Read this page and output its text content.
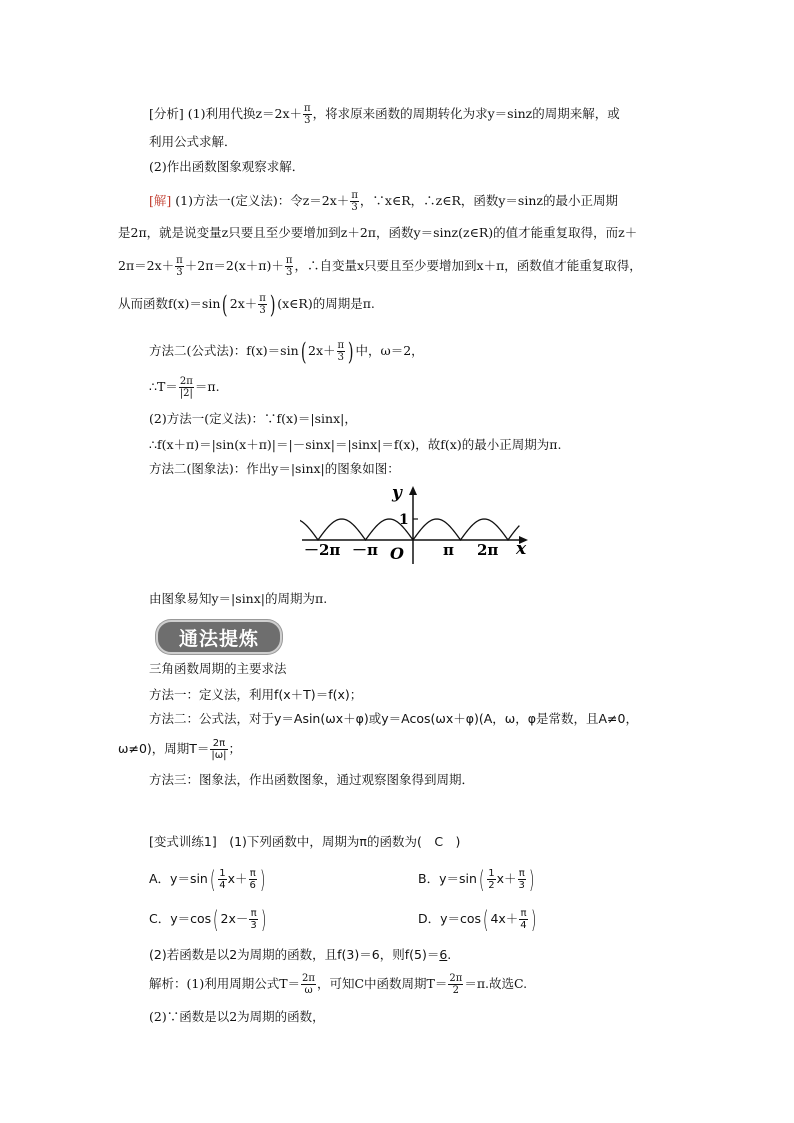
[分析] (1)利用代换$z=2x+ \frac{\pi}{3}$ ，将求原来函数的周期转化为求y＝sinz的周期来解，或
利用公式求解．
(2)作出函数图象观察求解．
[解] (1)方法一(定义法)：令$z=2x+ \frac{\pi}{3}$ ，∵x∈R，∴z∈R，函数y＝sinz的最小正周期
是2π，就是说变量z只要且至少要增加到z＋2π，函数y＝sinz(z∈R)的值才能重复取得，而z＋
$2\pi=2x+ \frac{\pi}{3} +2\pi=2(x+\pi)+ \frac{\pi}{3}$ ，∴自变量x只要且至少要增加到x＋π，函数值才能重复取得，
从而函数f(x)＝sin( $2x+ \frac{\pi}{3}$ ) (x∈R)的周期是π.
方法二(公式法)：f(x)＝sin( $2x+ \frac{\pi}{3}$ ) 中，ω＝2，
∴T＝ $\frac{2\pi}{|2|} =\pi$.
(2)方法一(定义法)：∵f(x)＝|sinx|，
∴f(x＋π)＝|sin(x＋π)|＝|－sinx|＝|sinx|＝f(x)，故f(x)的最小正周期为π.
方法二(图象法)：作出y＝|sinx|的图象如图：
y
1
O	x
－2π －π	π 2π
由图象易知y＝|sinx|的周期为π.
通法提炼
三角函数周期的主要求法
方法一：定义法，利用f(x＋T)＝f(x)；
方法二：公式法，对于y＝Asin(ωx＋φ)或y＝Acos(ωx＋φ)(A，ω，φ是常数，且A≠0，
ω≠0)，周期$T= \frac{2\pi}{|\omega|}$ ；
方法三：图象法，作出函数图象，通过观察图象得到周期．
[变式训练1]　(1)下列函数中，周期为π的函数为(　C　)
A．$y=\sin( \frac{1}{4} x+ \frac{\pi}{6}$ )	B．$y=\sin( \frac{1}{2} x+ \frac{\pi}{3}$ )
C．y＝cos( $2x- \frac{\pi}{3}$ )	D．y＝cos( $4x+ \frac{\pi}{4}$ )
(2)若函数是以2为周期的函数，且f(3)＝6，则f(5)＝6.
解析：(1)利用周期公式$T= \frac{2\pi}{\omega}$ ，可知C中函数周期$T= \frac{2\pi}{2} =\pi$.故选C.
(2)∵函数是以2为周期的函数，
